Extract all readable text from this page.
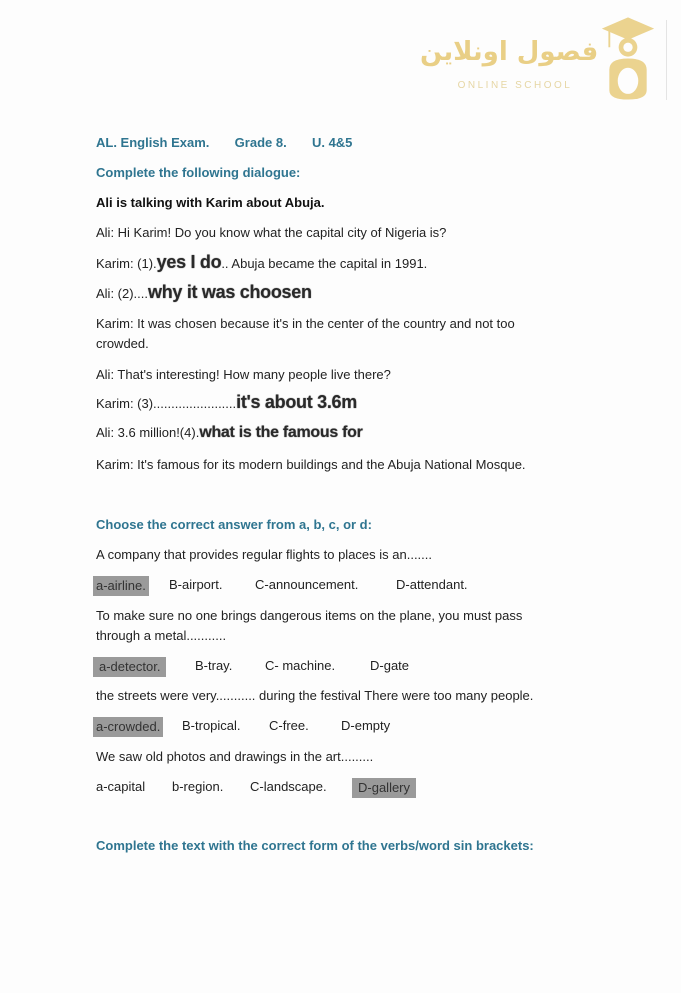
فصول اونلاين
ONLINE SCHOOL
AL. English Exam. Grade 8. U. 4&5
Complete the following dialogue:
Ali is talking with Karim about Abuja.
Ali: Hi Karim! Do you know what the capital city of Nigeria is?
Karim: (1).yes I do.. Abuja became the capital in 1991.
Ali: (2)....why it was choosen
Karim: It was chosen because it's in the center of the country and not too
crowded.
Ali: That's interesting! How many people live there?
Karim: (3).......................it's about 3.6m
Ali: 3.6 million!(4).what is the famous for
Karim: It's famous for its modern buildings and the Abuja National Mosque.
Choose the correct answer from a, b, c, or d:
A company that provides regular flights to places is an.......
a-airline. B-airport.	C-announcement.	D-attendant.
To make sure no one brings dangerous items on the plane, you must pass
through a metal...........
a-detector.	B-tray.	C- machine.	D-gate
the streets were very........... during the festival There were too many people.
a-crowded. B-tropical. C-free. D-empty
We saw old photos and drawings in the art.........
a-capital b-region. C-landscape.	D-gallery
Complete the text with the correct form of the verbs/word sin brackets:
